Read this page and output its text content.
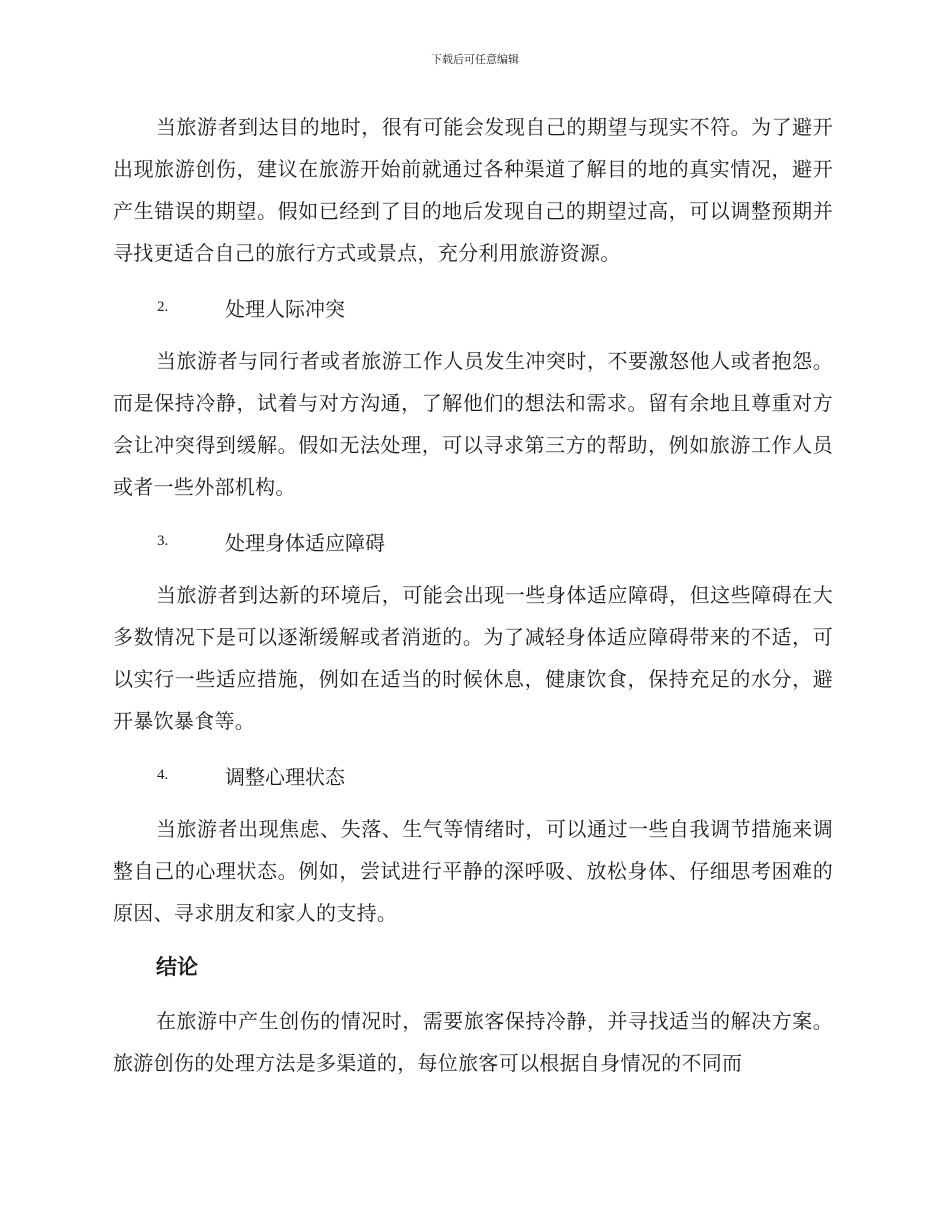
下载后可任意编辑

当旅游者到达目的地时，很有可能会发现自己的期望与现实不符。为了避开出现旅游创伤，建议在旅游开始前就通过各种渠道了解目的地的真实情况，避开产生错误的期望。假如已经到了目的地后发现自己的期望过高，可以调整预期并寻找更适合自己的旅行方式或景点，充分利用旅游资源。

2.	处理人际冲突

当旅游者与同行者或者旅游工作人员发生冲突时，不要激怒他人或者抱怨。而是保持冷静，试着与对方沟通，了解他们的想法和需求。留有余地且尊重对方会让冲突得到缓解。假如无法处理，可以寻求第三方的帮助，例如旅游工作人员或者一些外部机构。

3.	处理身体适应障碍

当旅游者到达新的环境后，可能会出现一些身体适应障碍，但这些障碍在大多数情况下是可以逐渐缓解或者消逝的。为了减轻身体适应障碍带来的不适，可以实行一些适应措施，例如在适当的时候休息，健康饮食，保持充足的水分，避开暴饮暴食等。

4.	调整心理状态

当旅游者出现焦虑、失落、生气等情绪时，可以通过一些自我调节措施来调整自己的心理状态。例如，尝试进行平静的深呼吸、放松身体、仔细思考困难的原因、寻求朋友和家人的支持。

结论

在旅游中产生创伤的情况时，需要旅客保持冷静，并寻找适当的解决方案。旅游创伤的处理方法是多渠道的，每位旅客可以根据自身情况的不同而
